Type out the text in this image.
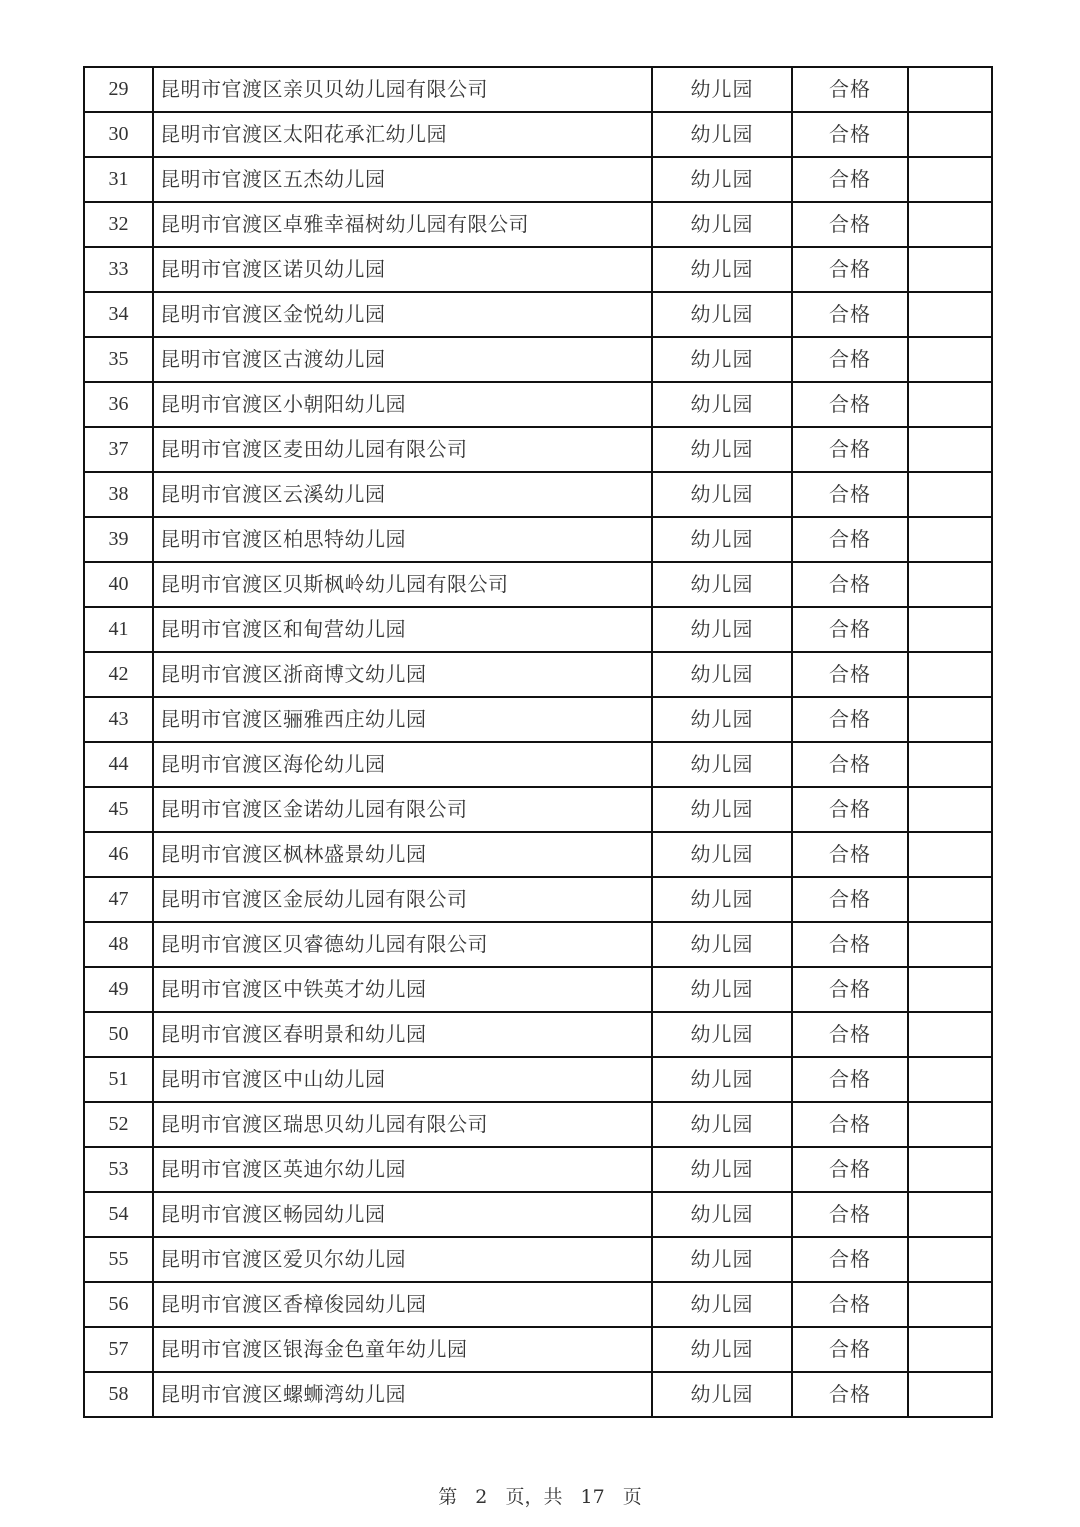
29	昆明市官渡区亲贝贝幼儿园有限公司	幼儿园	合格	
30	昆明市官渡区太阳花承汇幼儿园	幼儿园	合格	
31	昆明市官渡区五杰幼儿园	幼儿园	合格	
32	昆明市官渡区卓雅幸福树幼儿园有限公司	幼儿园	合格	
33	昆明市官渡区诺贝幼儿园	幼儿园	合格	
34	昆明市官渡区金悦幼儿园	幼儿园	合格	
35	昆明市官渡区古渡幼儿园	幼儿园	合格	
36	昆明市官渡区小朝阳幼儿园	幼儿园	合格	
37	昆明市官渡区麦田幼儿园有限公司	幼儿园	合格	
38	昆明市官渡区云溪幼儿园	幼儿园	合格	
39	昆明市官渡区柏思特幼儿园	幼儿园	合格	
40	昆明市官渡区贝斯枫岭幼儿园有限公司	幼儿园	合格	
41	昆明市官渡区和甸营幼儿园	幼儿园	合格	
42	昆明市官渡区浙商博文幼儿园	幼儿园	合格	
43	昆明市官渡区骊雅西庄幼儿园	幼儿园	合格	
44	昆明市官渡区海伦幼儿园	幼儿园	合格	
45	昆明市官渡区金诺幼儿园有限公司	幼儿园	合格	
46	昆明市官渡区枫林盛景幼儿园	幼儿园	合格	
47	昆明市官渡区金辰幼儿园有限公司	幼儿园	合格	
48	昆明市官渡区贝睿德幼儿园有限公司	幼儿园	合格	
49	昆明市官渡区中铁英才幼儿园	幼儿园	合格	
50	昆明市官渡区春明景和幼儿园	幼儿园	合格	
51	昆明市官渡区中山幼儿园	幼儿园	合格	
52	昆明市官渡区瑞思贝幼儿园有限公司	幼儿园	合格	
53	昆明市官渡区英迪尔幼儿园	幼儿园	合格	
54	昆明市官渡区畅园幼儿园	幼儿园	合格	
55	昆明市官渡区爱贝尔幼儿园	幼儿园	合格	
56	昆明市官渡区香樟俊园幼儿园	幼儿园	合格	
57	昆明市官渡区银海金色童年幼儿园	幼儿园	合格	
58	昆明市官渡区螺蛳湾幼儿园	幼儿园	合格	
第 2 页，共 17 页
